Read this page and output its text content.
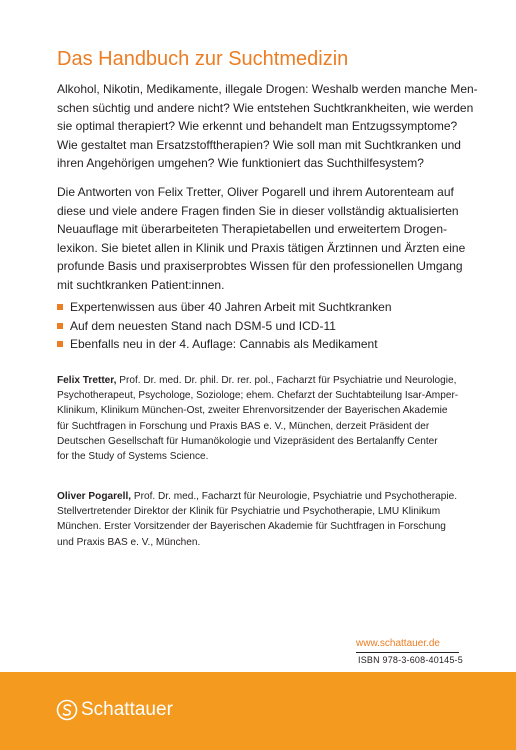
Das Handbuch zur Suchtmedizin

Alkohol, Nikotin, Medikamente, illegale Drogen: Weshalb werden manche Men-
schen süchtig und andere nicht? Wie entstehen Suchtkrankheiten, wie werden
sie optimal therapiert? Wie erkennt und behandelt man Entzugssymptome?
Wie gestaltet man Ersatzstofftherapien? Wie soll man mit Suchtkranken und
ihren Angehörigen umgehen? Wie funktioniert das Suchthilfesystem?

Die Antworten von Felix Tretter, Oliver Pogarell und ihrem Autorenteam auf
diese und viele andere Fragen finden Sie in dieser vollständig aktualisierten
Neuauflage mit überarbeiteten Therapietabellen und erweitertem Drogen-
lexikon. Sie bietet allen in Klinik und Praxis tätigen Ärztinnen und Ärzten eine
profunde Basis und praxiserprobtes Wissen für den professionellen Umgang
mit suchtkranken Patient:innen.

Expertenwissen aus über 40 Jahren Arbeit mit Suchtkranken
Auf dem neuesten Stand nach DSM-5 und ICD-11
Ebenfalls neu in der 4. Auflage: Cannabis als Medikament

Felix Tretter, Prof. Dr. med. Dr. phil. Dr. rer. pol., Facharzt für Psychiatrie und Neurologie,
Psychotherapeut, Psychologe, Soziologe; ehem. Chefarzt der Suchtabteilung Isar-Amper-
Klinikum, Klinikum München-Ost, zweiter Ehrenvorsitzender der Bayerischen Akademie
für Suchtfragen in Forschung und Praxis BAS e. V., München, derzeit Präsident der
Deutschen Gesellschaft für Humanökologie und Vizepräsident des Bertalanffy Center
for the Study of Systems Science.

Oliver Pogarell, Prof. Dr. med., Facharzt für Neurologie, Psychiatrie und Psychotherapie.
Stellvertretender Direktor der Klinik für Psychiatrie und Psychotherapie, LMU Klinikum
München. Erster Vorsitzender der Bayerischen Akademie für Suchtfragen in Forschung
und Praxis BAS e. V., München.

www.schattauer.de
ISBN 978-3-608-40145-5
Schattauer
